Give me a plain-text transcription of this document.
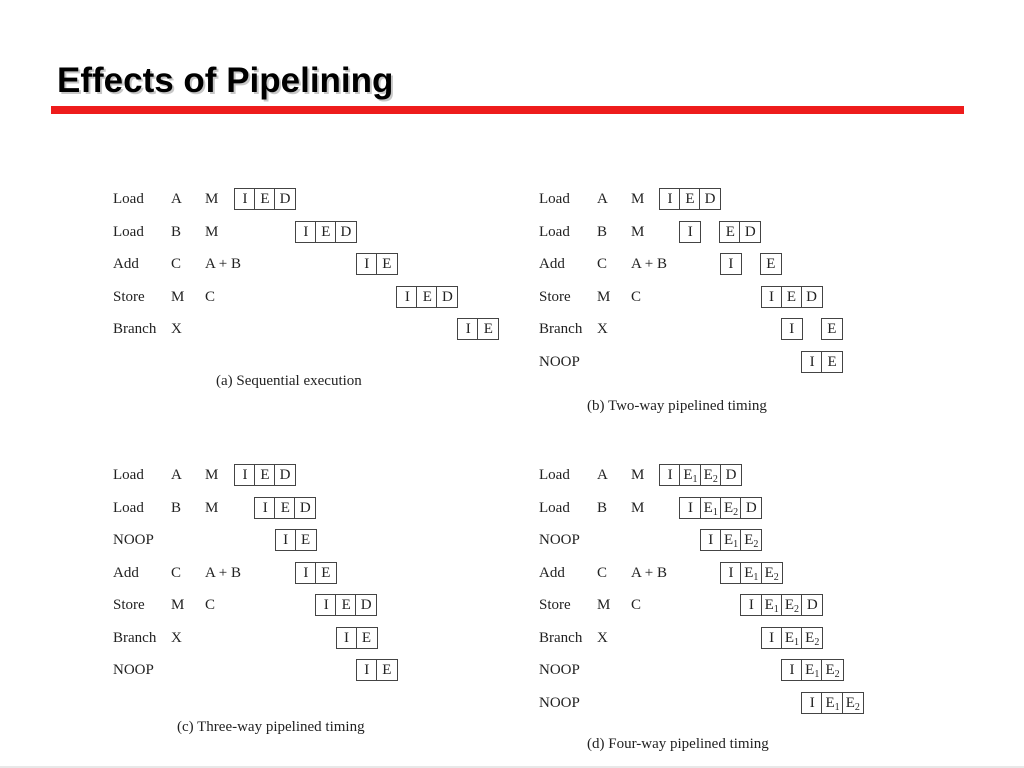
Effects of Pipelining
Load A M	I E D
Load B M	I E D
Add C A + B	I E
Store M C	I E D
Branch X	I E
(a) Sequential execution
Load A M	I E D
Load B M	I	E D
Add C A + B	I	E
Store M C	I E D
Branch X	I	E
NOOP	I E
(b) Two-way pipelined timing
Load A M	I E D
Load B M	I E D
NOOP	I E
Add C A + B	I E
Store M C	I E D
Branch X	I E
NOOP	I E
(c) Three-way pipelined timing
Load A M	I $E_1$ $E_2$ D
Load B M	I $E_1$ $E_2$ D
NOOP	I $E_1$ $E_2$
Add C A + B	I $E_1$ $E_2$
Store M C	I $E_1$ $E_2$ D
Branch X	I $E_1$ $E_2$
NOOP	I $E_1$ $E_2$
NOOP	I $E_1$ $E_2$
(d) Four-way pipelined timing
